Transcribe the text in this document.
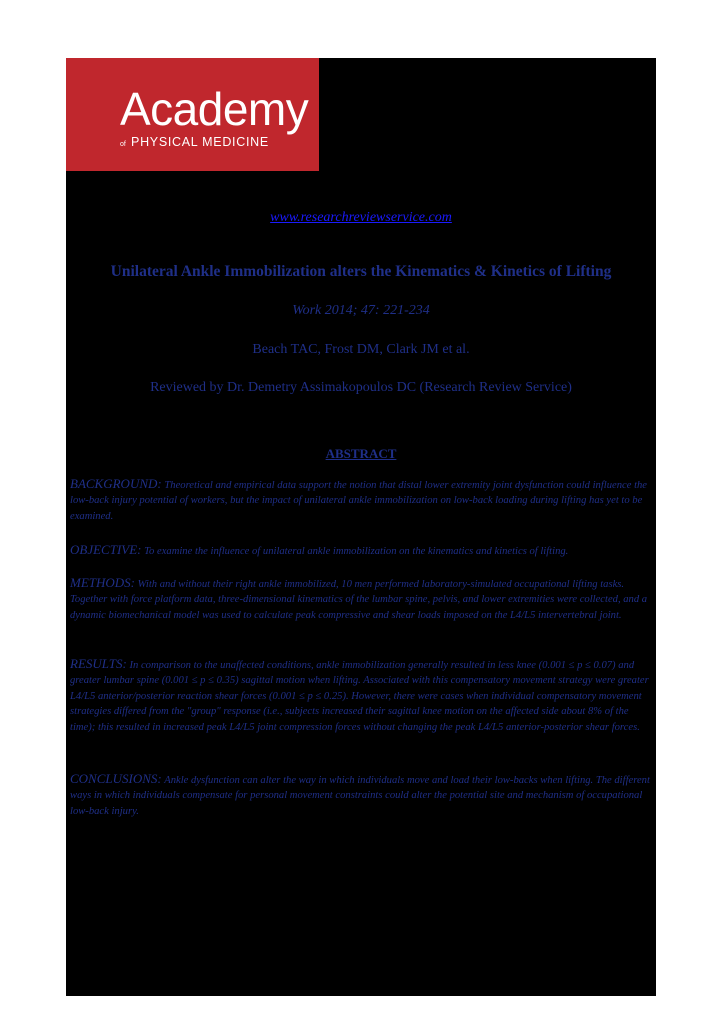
Academy
of PHYSICAL MEDICINE
www.researchreviewservice.com
Unilateral Ankle Immobilization alters the Kinematics & Kinetics of Lifting
Work 2014; 47: 221-234
Beach TAC, Frost DM, Clark JM et al.
Reviewed by Dr. Demetry Assimakopoulos DC (Research Review Service)
ABSTRACT
BACKGROUND: Theoretical and empirical data support the notion that distal lower extremity joint dysfunction could influence the low-back injury potential of workers, but the impact of unilateral ankle immobilization on low-back loading during lifting has yet to be examined.
OBJECTIVE: To examine the influence of unilateral ankle immobilization on the kinematics and kinetics of lifting.
METHODS: With and without their right ankle immobilized, 10 men performed laboratory-simulated occupational lifting tasks. Together with force platform data, three-dimensional kinematics of the lumbar spine, pelvis, and lower extremities were collected, and a dynamic biomechanical model was used to calculate peak compressive and shear loads imposed on the L4/L5 intervertebral joint.
RESULTS: In comparison to the unaffected conditions, ankle immobilization generally resulted in less knee (0.001 ≤ p ≤ 0.07) and greater lumbar spine (0.001 ≤ p ≤ 0.35) sagittal motion when lifting. Associated with this compensatory movement strategy were greater L4/L5 anterior/posterior reaction shear forces (0.001 ≤ p ≤ 0.25). However, there were cases when individual compensatory movement strategies differed from the "group" response (i.e., subjects increased their sagittal knee motion on the affected side about 8% of the time); this resulted in increased peak L4/L5 joint compression forces without changing the peak L4/L5 anterior-posterior shear forces.
CONCLUSIONS: Ankle dysfunction can alter the way in which individuals move and load their low-backs when lifting. The different ways in which individuals compensate for personal movement constraints could alter the potential site and mechanism of occupational low-back injury.
